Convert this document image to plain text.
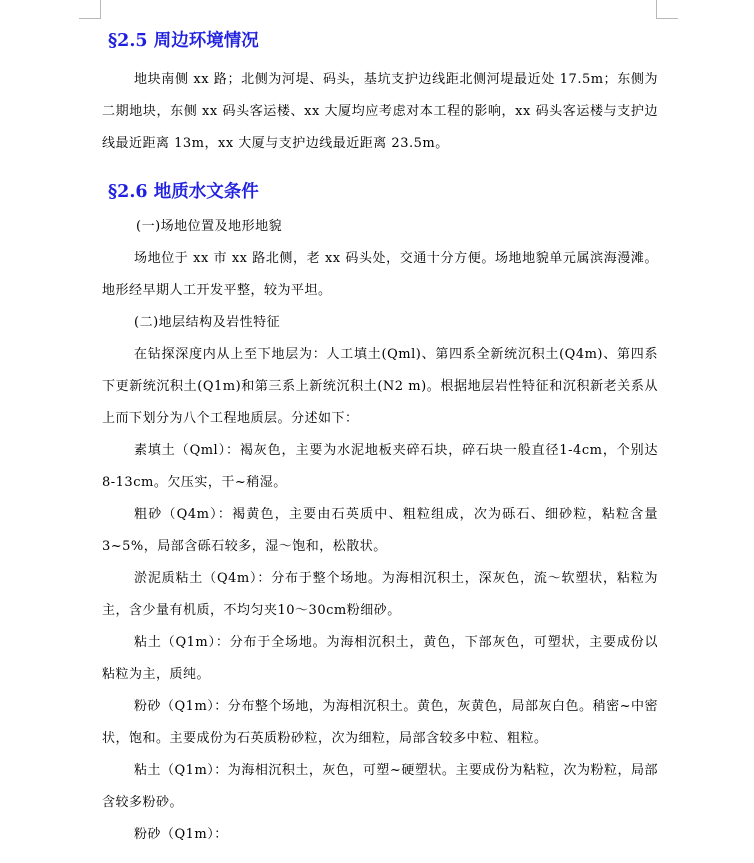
§2.5 周边环境情况

地块南侧 xx 路；北侧为河堤、码头，基坑支护边线距北侧河堤最近处 17.5m；东侧为二期地块，东侧 xx 码头客运楼、xx 大厦均应考虑对本工程的影响，xx 码头客运楼与支护边线最近距离 13m，xx 大厦与支护边线最近距离 23.5m。

§2.6 地质水文条件

(一)场地位置及地形地貌

场地位于 xx 市 xx 路北侧，老 xx 码头处，交通十分方便。场地地貌单元属滨海漫滩。地形经早期人工开发平整，较为平坦。

(二)地层结构及岩性特征

在钻探深度内从上至下地层为：人工填土(Qml)、第四系全新统沉积土(Q4m)、第四系下更新统沉积土(Q1m)和第三系上新统沉积土(N2 m)。根据地层岩性特征和沉积新老关系从上而下划分为八个工程地质层。分述如下：

素填土（Qml）：褐灰色，主要为水泥地板夹碎石块，碎石块一般直径1-4cm，个别达8-13cm。欠压实，干~稍湿。

粗砂（Q4m）：褐黄色，主要由石英质中、粗粒组成，次为砾石、细砂粒，粘粒含量3~5%，局部含砾石较多，湿～饱和，松散状。

淤泥质粘土（Q4m）：分布于整个场地。为海相沉积土，深灰色，流～软塑状，粘粒为主，含少量有机质，不均匀夹10～30cm粉细砂。

粘土（Q1m）：分布于全场地。为海相沉积土，黄色，下部灰色，可塑状，主要成份以粘粒为主，质纯。

粉砂（Q1m）：分布整个场地，为海相沉积土。黄色，灰黄色，局部灰白色。稍密~中密状，饱和。主要成份为石英质粉砂粒，次为细粒，局部含较多中粒、粗粒。

粘土（Q1m）：为海相沉积土，灰色，可塑~硬塑状。主要成份为粘粒，次为粉粒，局部含较多粉砂。

粉砂（Q1m）：
